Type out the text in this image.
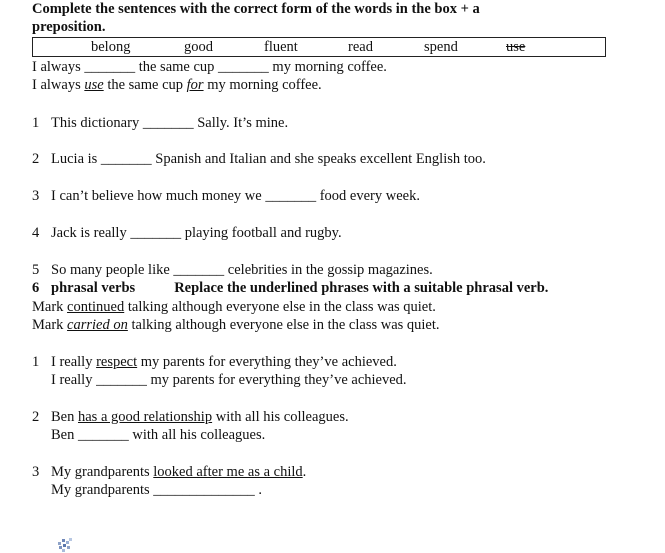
Complete the sentences with the correct form of the words in the box + a
preposition.
belong	good	fluent	read	spend	use
I always _______ the same cup _______ my morning coffee.
I always use the same cup for my morning coffee.
1 This dictionary _______ Sally. It’s mine.
2 Lucia is _______ Spanish and Italian and she speaks excellent English too.
3 I can’t believe how much money we _______ food every week.
4 Jack is really _______ playing football and rugby.
5 So many people like _______ celebrities in the gossip magazines.
6 phrasal verbs	Replace the underlined phrases with a suitable phrasal verb.
Mark continued talking although everyone else in the class was quiet.
Mark carried on talking although everyone else in the class was quiet.
1 I really respect my parents for everything they’ve achieved.
I really _______ my parents for everything they’ve achieved.
2 Ben has a good relationship with all his colleagues.
Ben _______ with all his colleagues.
3 My grandparents looked after me as a child.
My grandparents ______________ .
